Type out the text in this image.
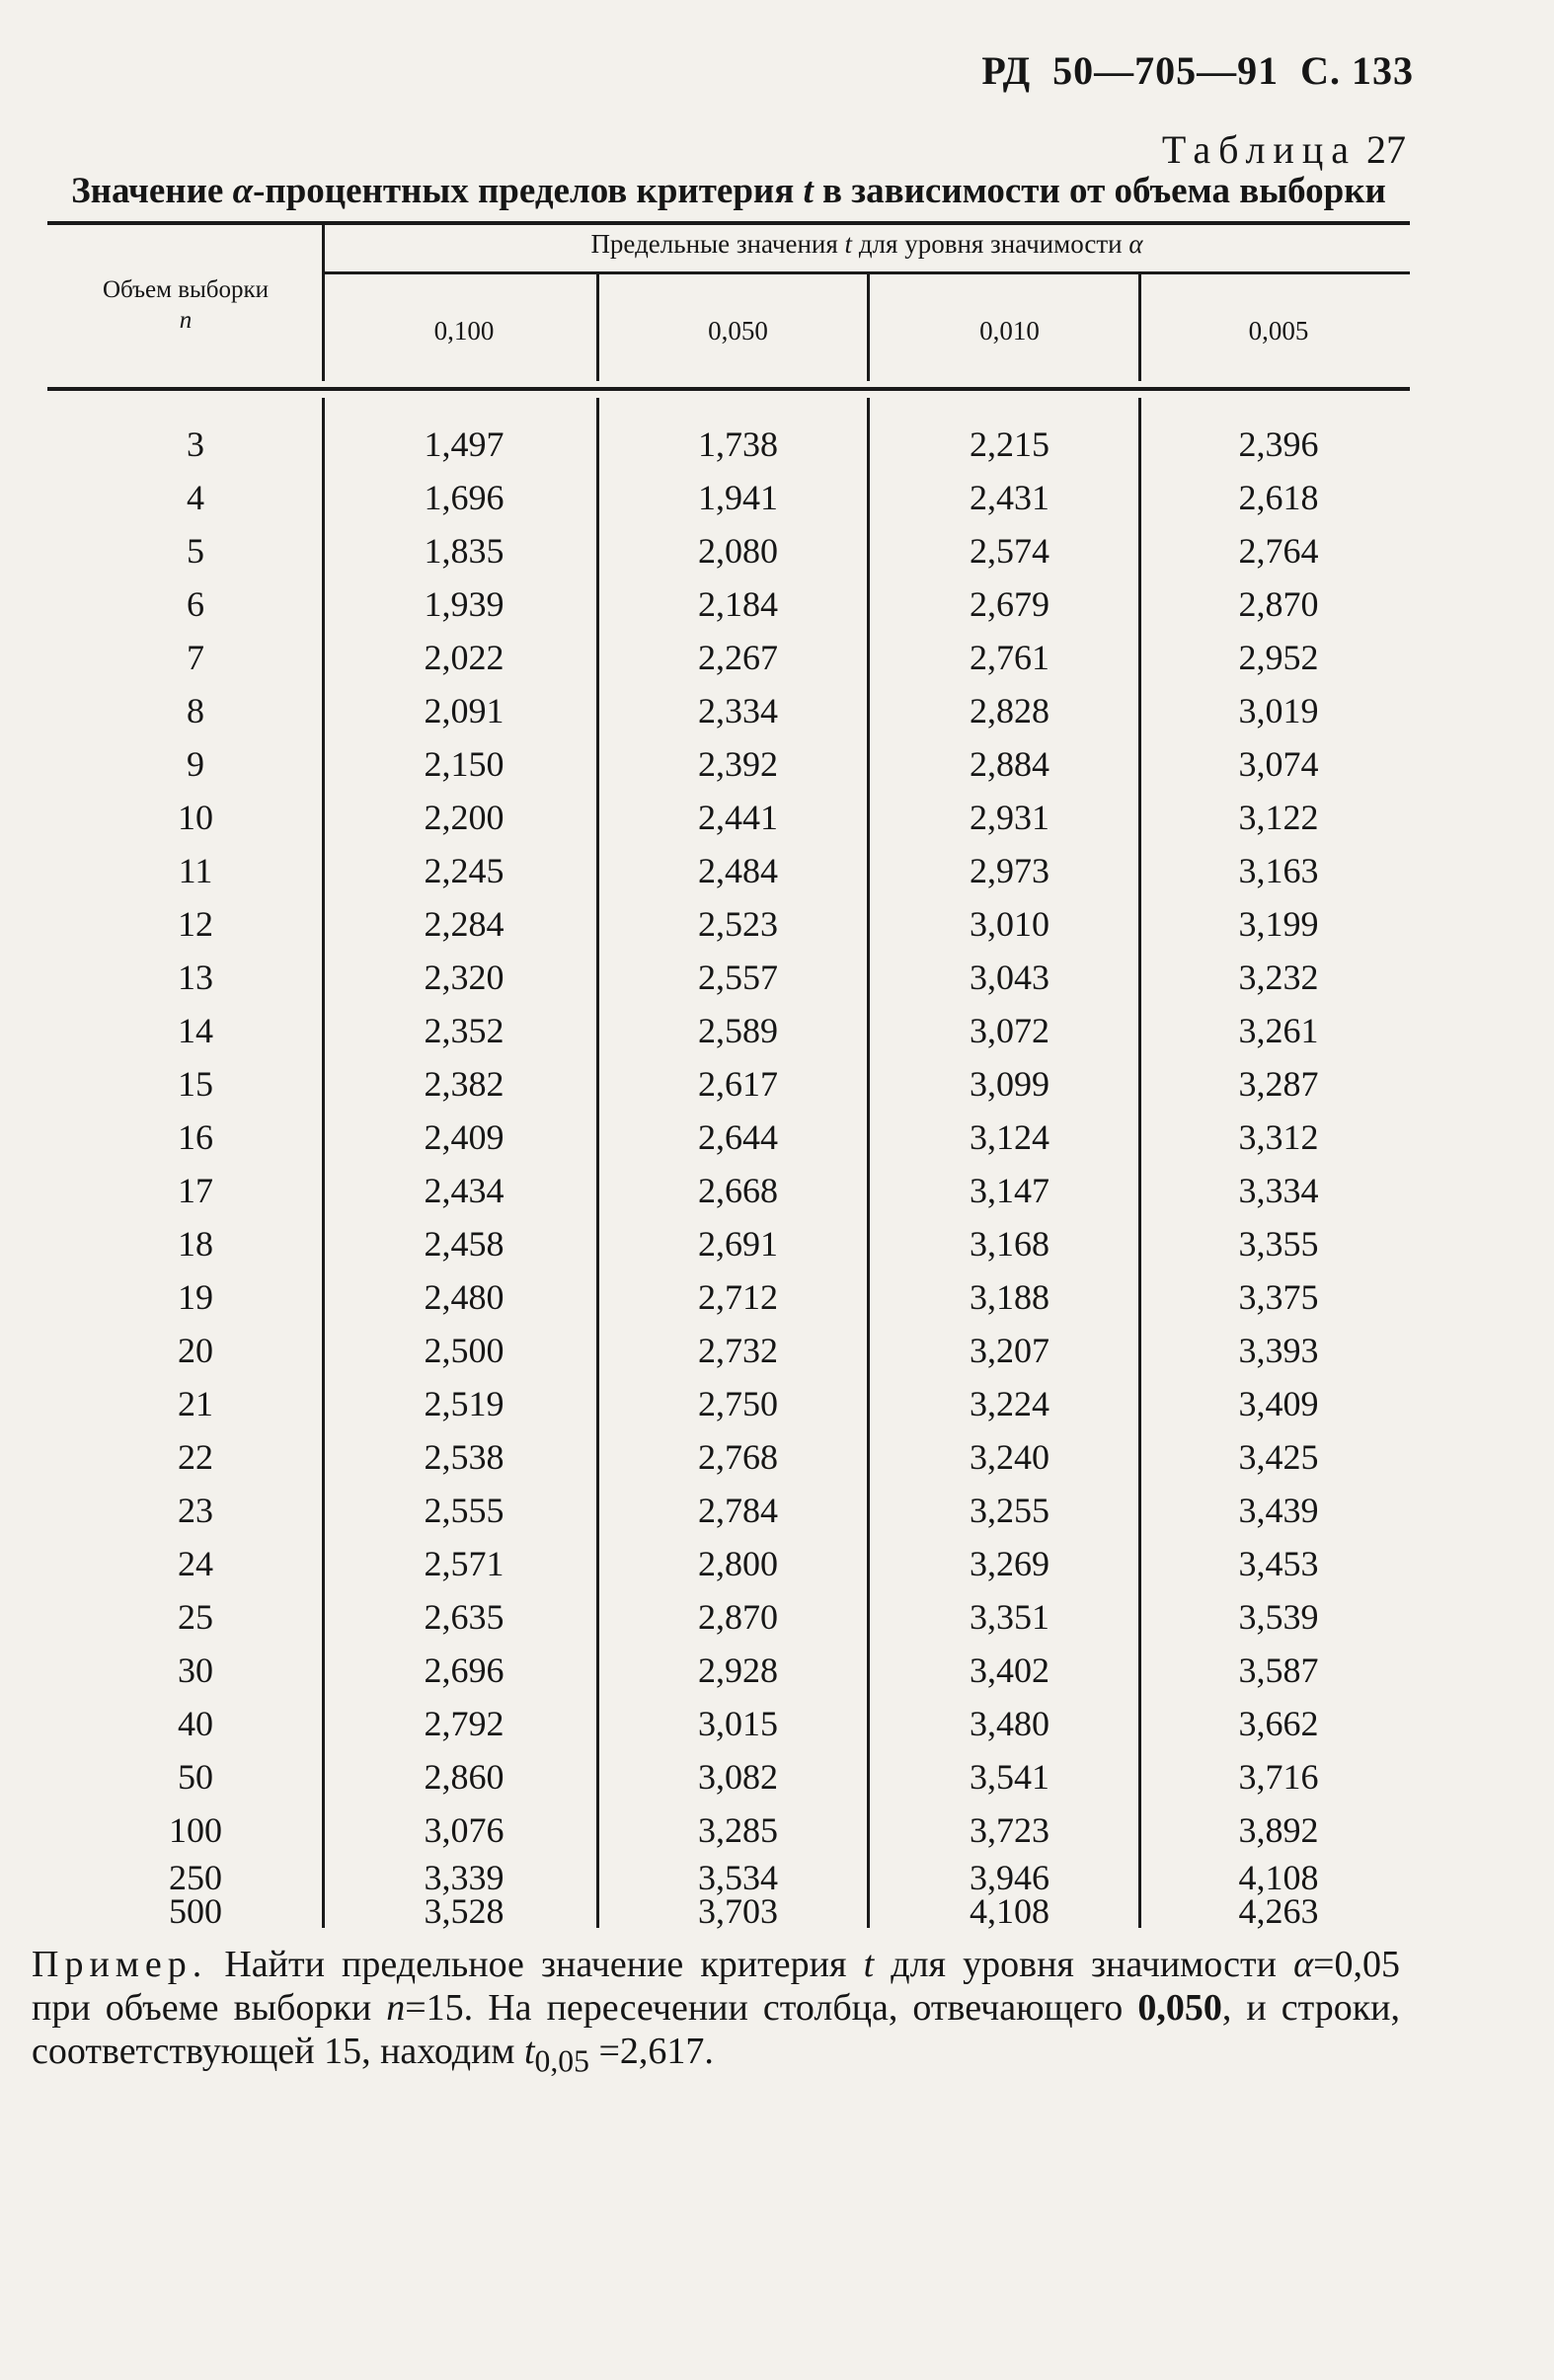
РД 50—705—91 С. 133
Таблица 27
Значение α-процентных пределов критерия t в зависимости от объема выборки
Предельные значения t для уровня значимости α
Объем выборки
n	0,100	0,050	0,010	0,005
3	1,497	1,738	2,215	2,396
4	1,696	1,941	2,431	2,618
5	1,835	2,080	2,574	2,764
6	1,939	2,184	2,679	2,870
7	2,022	2,267	2,761	2,952
8	2,091	2,334	2,828	3,019
9	2,150	2,392	2,884	3,074
10	2,200	2,441	2,931	3,122
11	2,245	2,484	2,973	3,163
12	2,284	2,523	3,010	3,199
13	2,320	2,557	3,043	3,232
14	2,352	2,589	3,072	3,261
15	2,382	2,617	3,099	3,287
16	2,409	2,644	3,124	3,312
17	2,434	2,668	3,147	3,334
18	2,458	2,691	3,168	3,355
19	2,480	2,712	3,188	3,375
20	2,500	2,732	3,207	3,393
21	2,519	2,750	3,224	3,409
22	2,538	2,768	3,240	3,425
23	2,555	2,784	3,255	3,439
24	2,571	2,800	3,269	3,453
25	2,635	2,870	3,351	3,539
30	2,696	2,928	3,402	3,587
40	2,792	3,015	3,480	3,662
50	2,860	3,082	3,541	3,716
100	3,076	3,285	3,723	3,892
250	3,339	3,534	3,946	4,108
500	3,528	3,703	4,108	4,263
Пример. Найти предельное значение критерия t для уровня значимости α=0,05 при объеме выборки n=15. На пересечении столбца, отвечающего 0,050, и строки, соответствующей 15, находим $t_{0,05} =2,617$.
